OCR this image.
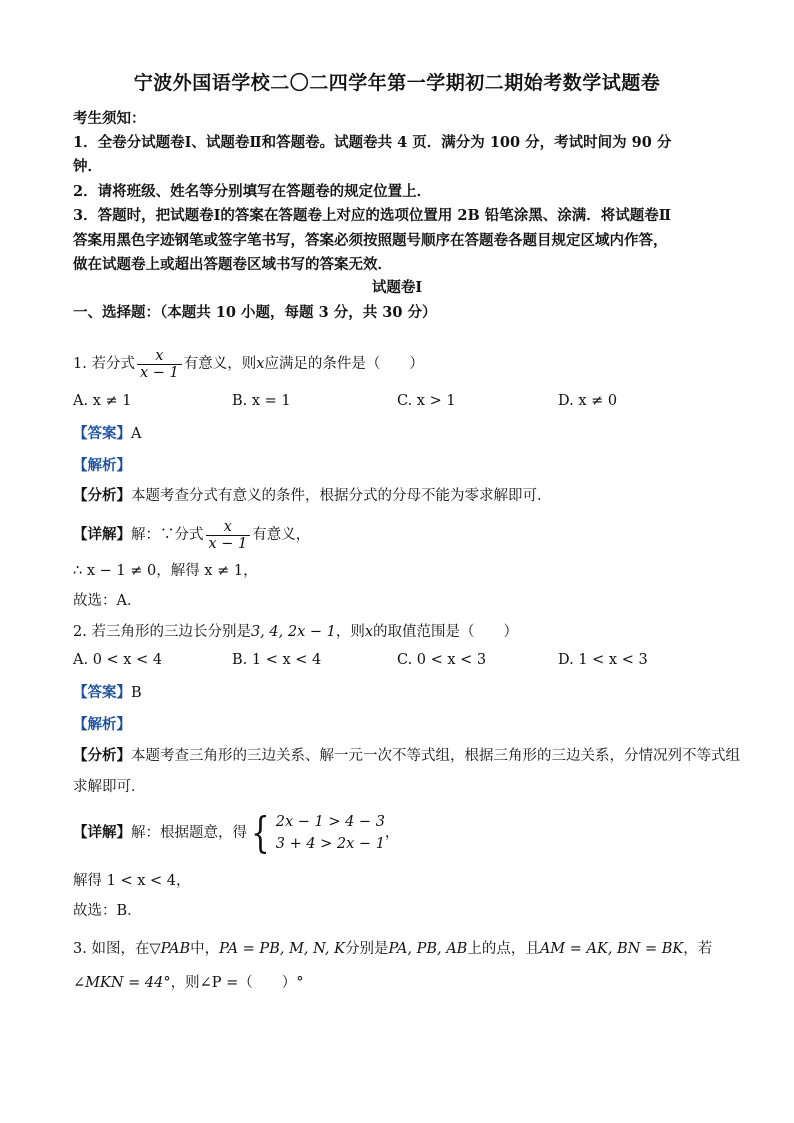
宁波外国语学校二〇二四学年第一学期初二期始考数学试题卷
考生须知：
1．全卷分试题卷Ⅰ、试题卷Ⅱ和答题卷。试题卷共 4 页．满分为 100 分，考试时间为 90 分
钟．
2．请将班级、姓名等分别填写在答题卷的规定位置上．
3．答题时，把试题卷Ⅰ的答案在答题卷上对应的选项位置用 2B 铅笔涂黑、涂满．将试题卷Ⅱ
答案用黑色字迹钢笔或签字笔书写，答案必须按照题号顺序在答题卷各题目规定区域内作答，
做在试题卷上或超出答题卷区域书写的答案无效．
试题卷Ⅰ
一、选择题：（本题共 10 小题，每题 3 分，共 30 分）
1. 若分式 $\frac{x}{x - 1}$ 有意义，则x应满足的条件是（　　）
A. x ≠ 1	B. x = 1	C. x > 1	D. x ≠ 0
【答案】A
【解析】
【分析】本题考查分式有意义的条件，根据分式的分母不能为零求解即可．
【详解】解：∵分式 $\frac{x}{x - 1}$ 有意义，
∴ x − 1 ≠ 0，解得 x ≠ 1，
故选：A．
2. 若三角形的三边长分别是3, 4, 2x − 1，则x的取值范围是（　　）
A. 0 < x < 4	B. 1 < x < 4	C. 0 < x < 3	D. 1 < x < 3
【答案】B
【解析】
【分析】本题考查三角形的三边关系、解一元一次不等式组，根据三角形的三边关系，分情况列不等式组
求解即可．
【详解】解：根据题意，得 { 2x − 1 > 4 − 3
3 + 4 > 2x − 1
，
解得 1 < x < 4，
故选：B．
3. 如图，在▽PAB中，PA = PB, M, N, K分别是PA, PB, AB上的点，且AM = AK, BN = BK，若
∠MKN = 44°，则∠P =（　　）°
